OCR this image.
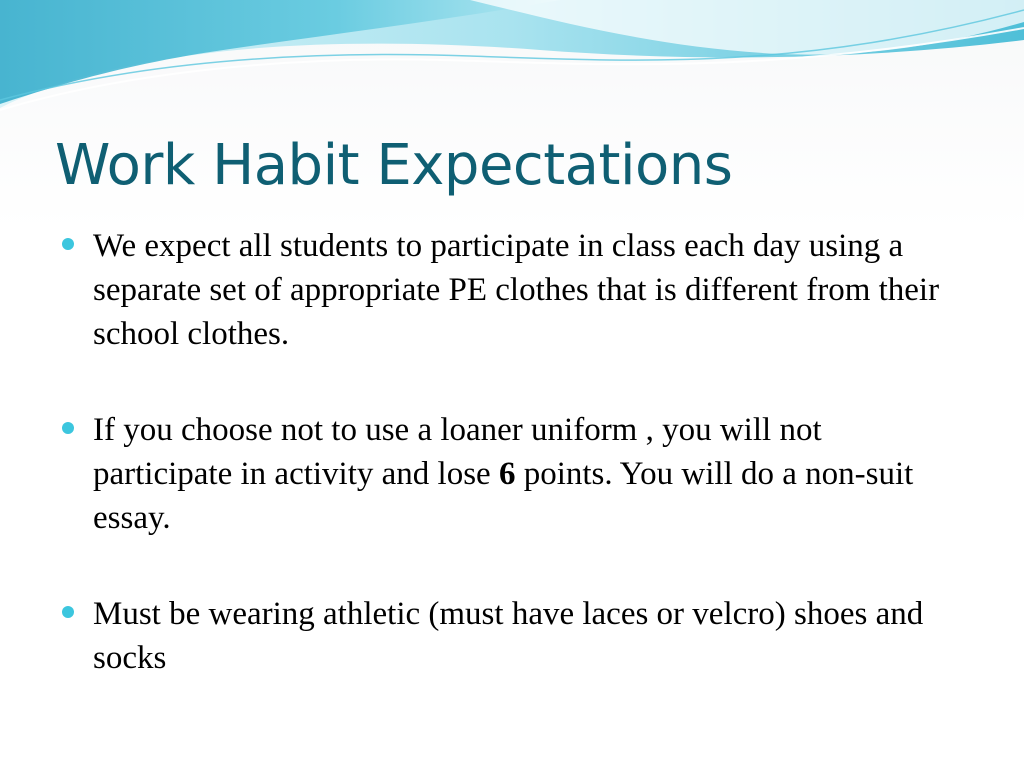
Work Habit Expectations
We expect all students to participate in class each day using a separate set of appropriate PE clothes that is different from their school clothes.
If you choose not to use a loaner uniform , you will not participate in activity and lose 6 points. You will do a non-suit essay.
Must be wearing athletic (must have laces or velcro) shoes and socks
